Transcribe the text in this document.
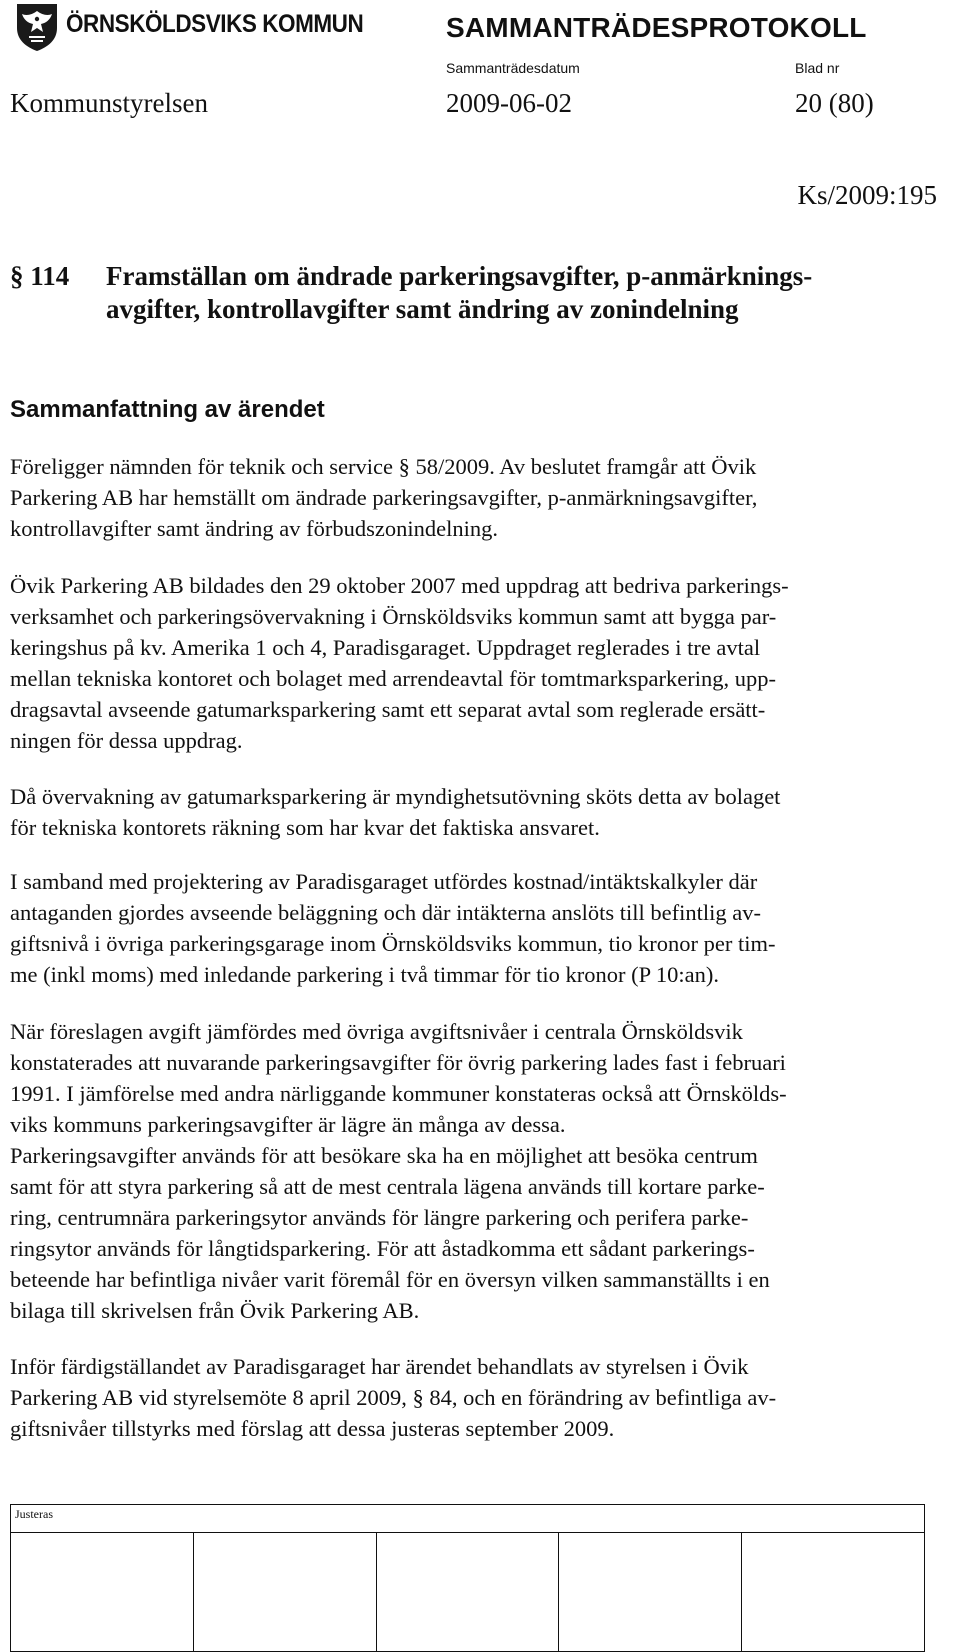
ÖRNSKÖLDSVIKS KOMMUN	SAMMANTRÄDESPROTOKOLL
Sammanträdesdatum	Blad nr
Kommunstyrelsen	2009-06-02	20 (80)
Ks/2009:195
§ 114	Framställan om ändrade parkeringsavgifter, p-anmärknings-
avgifter, kontrollavgifter samt ändring av zonindelning
Sammanfattning av ärendet
Föreligger nämnden för teknik och service § 58/2009. Av beslutet framgår att Övik
Parkering AB har hemställt om ändrade parkeringsavgifter, p-anmärkningsavgifter,
kontrollavgifter samt ändring av förbudszonindelning.
Övik Parkering AB bildades den 29 oktober 2007 med uppdrag att bedriva parkerings-
verksamhet och parkeringsövervakning i Örnsköldsviks kommun samt att bygga par-
keringshus på kv. Amerika 1 och 4, Paradisgaraget. Uppdraget reglerades i tre avtal
mellan tekniska kontoret och bolaget med arrendeavtal för tomtmarksparkering, upp-
dragsavtal avseende gatumarksparkering samt ett separat avtal som reglerade ersätt-
ningen för dessa uppdrag.
Då övervakning av gatumarksparkering är myndighetsutövning sköts detta av bolaget
för tekniska kontorets räkning som har kvar det faktiska ansvaret.
I samband med projektering av Paradisgaraget utfördes kostnad/intäktskalkyler där
antaganden gjordes avseende beläggning och där intäkterna anslöts till befintlig av-
giftsnivå i övriga parkeringsgarage inom Örnsköldsviks kommun, tio kronor per tim-
me (inkl moms) med inledande parkering i två timmar för tio kronor (P 10:an).
När föreslagen avgift jämfördes med övriga avgiftsnivåer i centrala Örnsköldsvik
konstaterades att nuvarande parkeringsavgifter för övrig parkering lades fast i februari
1991. I jämförelse med andra närliggande kommuner konstateras också att Örnskölds-
viks kommuns parkeringsavgifter är lägre än många av dessa.
Parkeringsavgifter används för att besökare ska ha en möjlighet att besöka centrum
samt för att styra parkering så att de mest centrala lägena används till kortare parke-
ring, centrumnära parkeringsytor används för längre parkering och perifera parke-
ringsytor används för långtidsparkering. För att åstadkomma ett sådant parkerings-
beteende har befintliga nivåer varit föremål för en översyn vilken sammanställts i en
bilaga till skrivelsen från Övik Parkering AB.
Inför färdigställandet av Paradisgaraget har ärendet behandlats av styrelsen i Övik
Parkering AB vid styrelsemöte 8 april 2009, § 84, och en förändring av befintliga av-
giftsnivåer tillstyrks med förslag att dessa justeras september 2009.
Justeras
